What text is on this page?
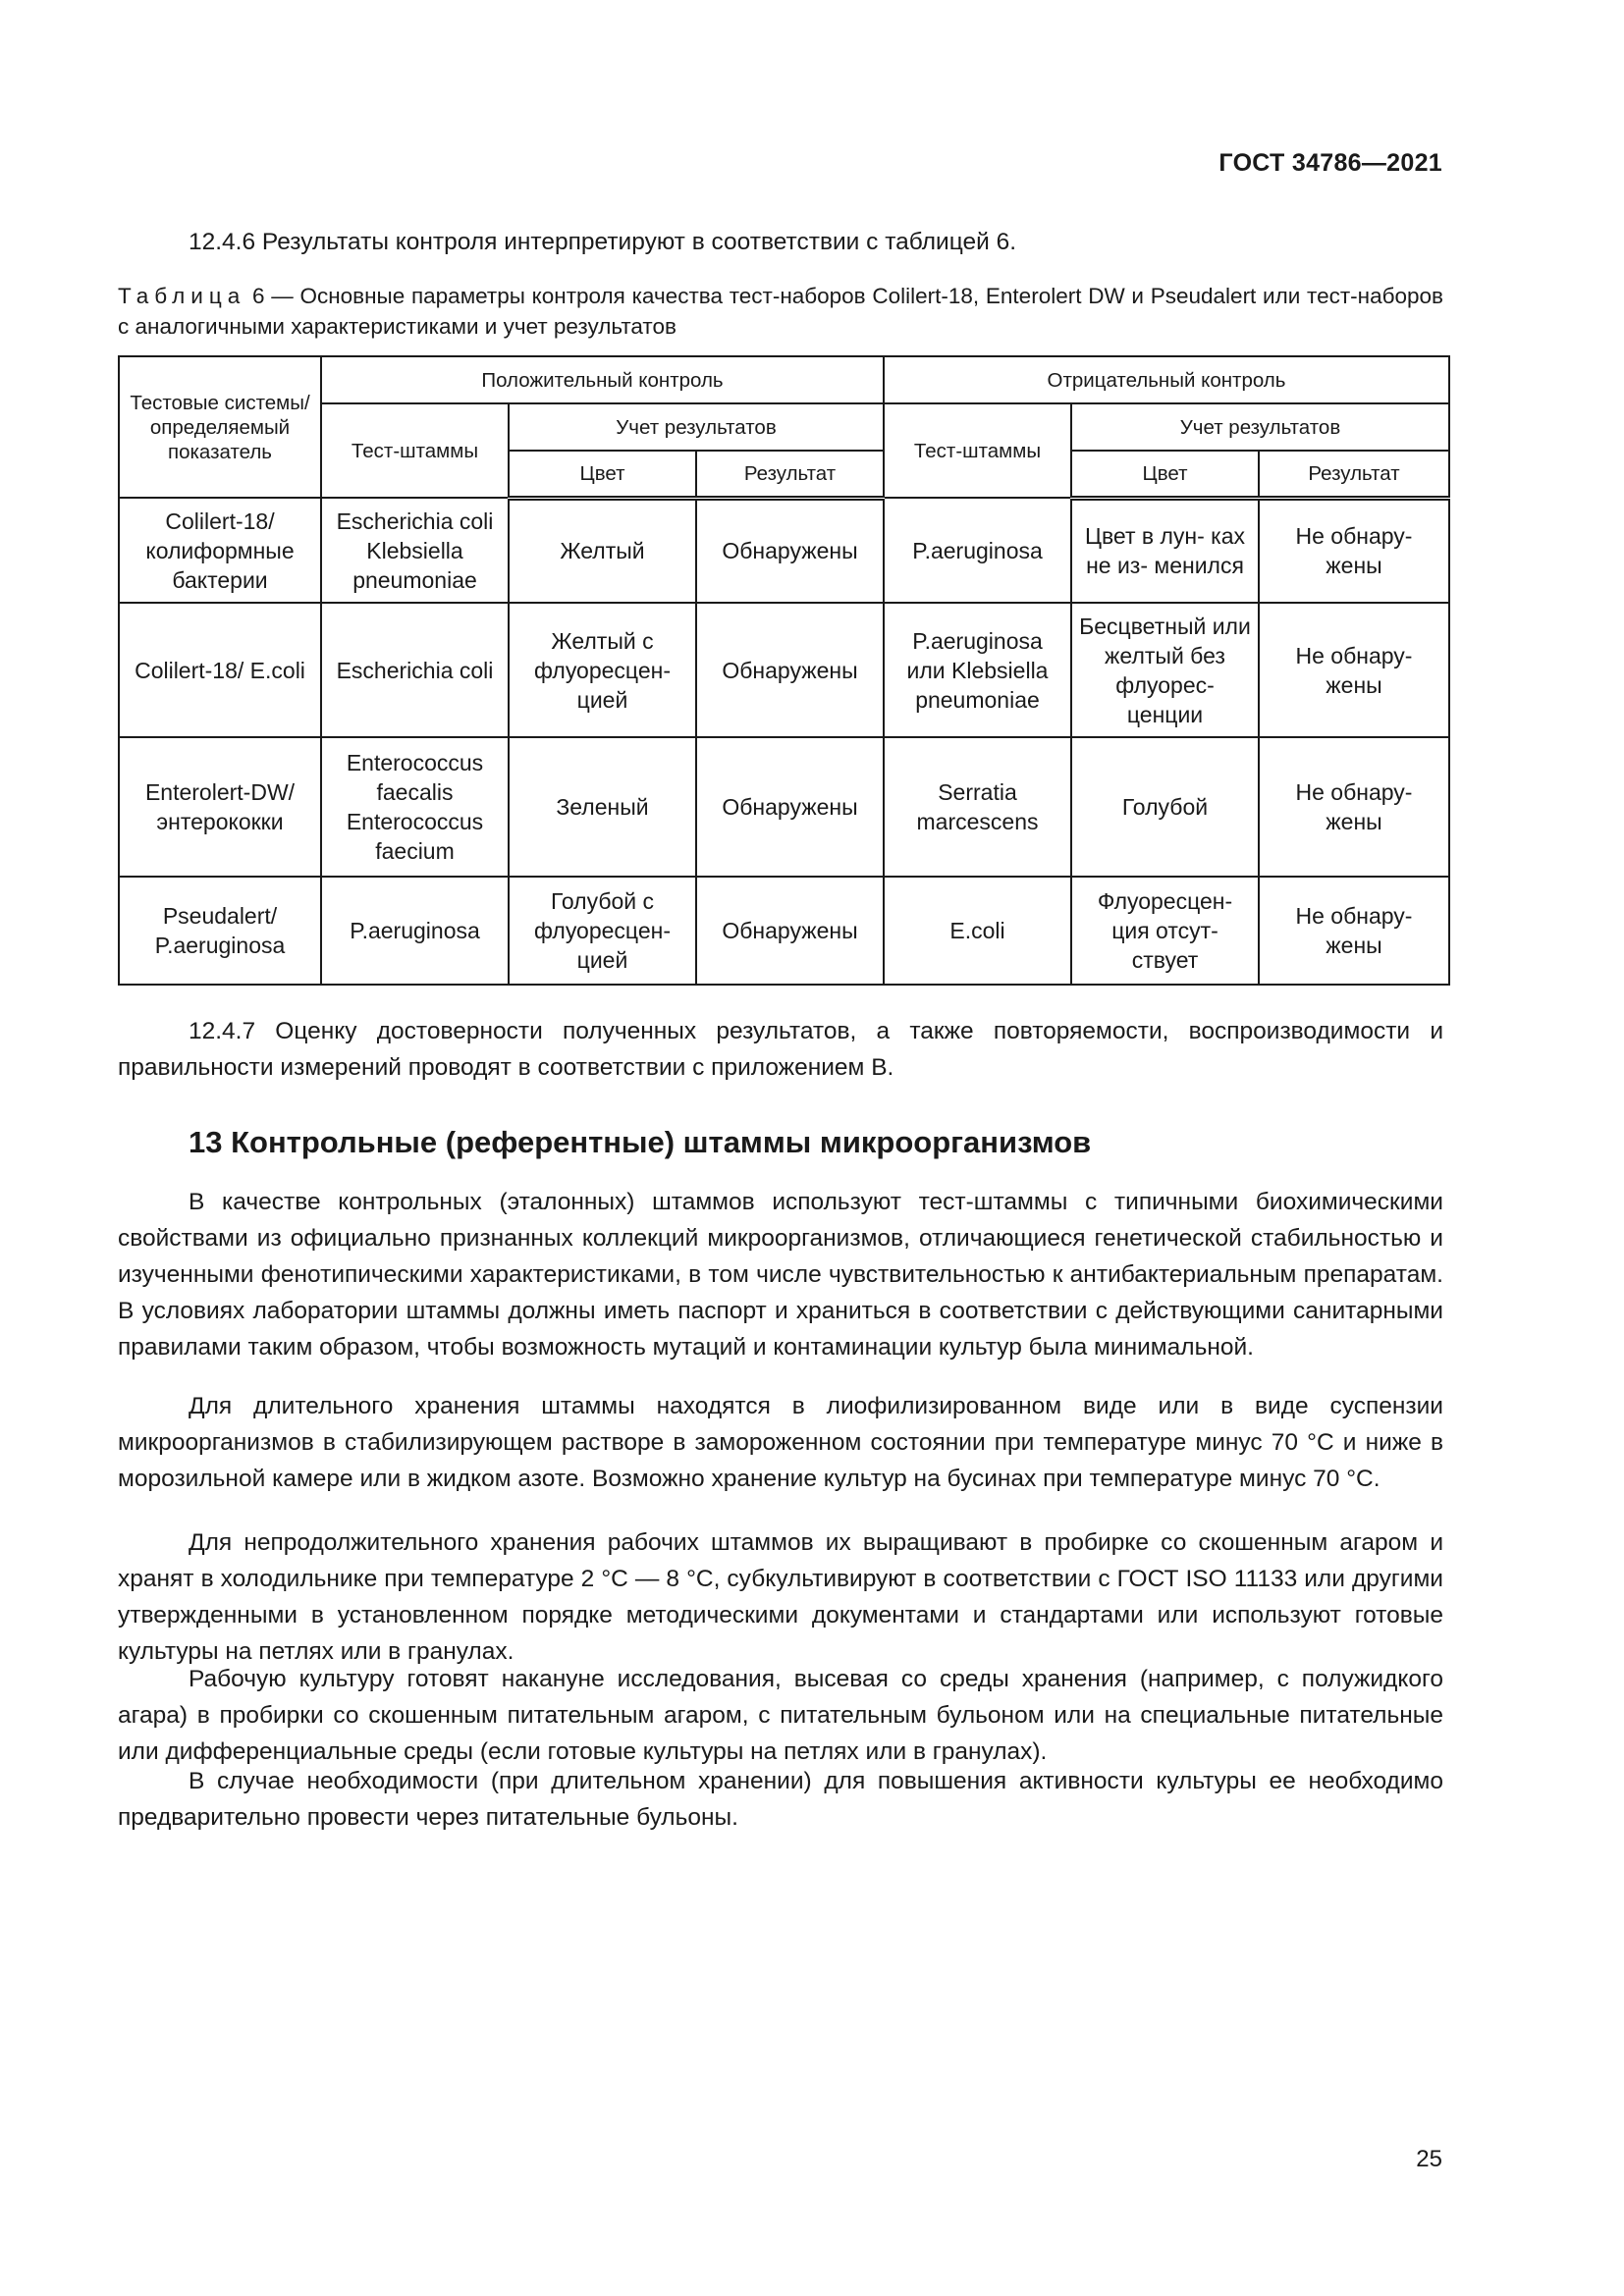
ГОСТ 34786—2021

12.4.6 Результаты контроля интерпретируют в соответствии с таблицей 6.

Таблица 6 — Основные параметры контроля качества тест-наборов Colilert-18, Enterolert DW и Pseudalert или тест-наборов с аналогичными характеристиками и учет результатов
Тестовые системы/ определяемый показатель	Положительный контроль			Отрицательный контроль		
	Тест-штаммы	Учет результатов		Тест-штаммы	Учет результатов	
		Цвет	Результат		Цвет	Результат
Colilert-18/ колиформные бактерии	Escherichia coli Klebsiella pneumoniae	Желтый	Обнаружены	P.aeruginosa	Цвет в лун- ках не из- менился	Не обнару- жены
Colilert-18/ E.coli	Escherichia coli	Желтый с флуоресцен- цией	Обнаружены	P.aeruginosa или Klebsiella pneumoniae	Бесцветный или желтый без флуорес- ценции	Не обнару- жены
Enterolert-DW/ энтерококки	Enterococcus faecalis Enterococcus faecium	Зеленый	Обнаружены	Serratia marcescens	Голубой	Не обнару- жены
Pseudalert/ P.aeruginosa	P.aeruginosa	Голубой с флуоресцен- цией	Обнаружены	E.coli	Флуоресцен- ция отсут- ствует	Не обнару- жены

12.4.7 Оценку достоверности полученных результатов, а также повторяемости, воспроизводимости и правильности измерений проводят в соответствии с приложением В.

13 Контрольные (референтные) штаммы микроорганизмов

В качестве контрольных (эталонных) штаммов используют тест-штаммы с типичными биохимическими свойствами из официально признанных коллекций микроорганизмов, отличающиеся генетической стабильностью и изученными фенотипическими характеристиками, в том числе чувствительностью к антибактериальным препаратам. В условиях лаборатории штаммы должны иметь паспорт и храниться в соответствии с действующими санитарными правилами таким образом, чтобы возможность мутаций и контаминации культур была минимальной.

Для длительного хранения штаммы находятся в лиофилизированном виде или в виде суспензии микроорганизмов в стабилизирующем растворе в замороженном состоянии при температуре минус 70 °С и ниже в морозильной камере или в жидком азоте. Возможно хранение культур на бусинах при температуре минус 70 °С.

Для непродолжительного хранения рабочих штаммов их выращивают в пробирке со скошенным агаром и хранят в холодильнике при температуре 2 °С — 8 °С, субкультивируют в соответствии с ГОСТ ISO 11133 или другими утвержденными в установленном порядке методическими документами и стандартами или используют готовые культуры на петлях или в гранулах.

Рабочую культуру готовят накануне исследования, высевая со среды хранения (например, с полужидкого агара) в пробирки со скошенным питательным агаром, с питательным бульоном или на специальные питательные или дифференциальные среды (если готовые культуры на петлях или в гранулах).

В случае необходимости (при длительном хранении) для повышения активности культуры ее необходимо предварительно провести через питательные бульоны.

25
